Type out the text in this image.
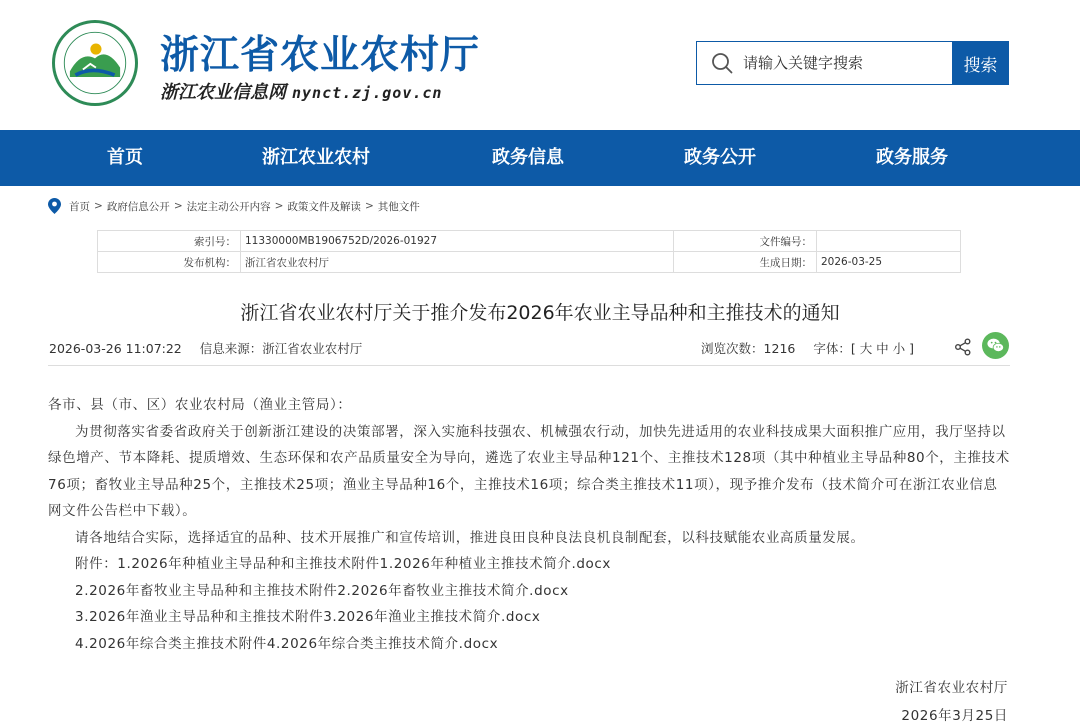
浙江省农业农村厅
浙江农业信息网 nynct.zj.gov.cn
请输入关键字搜索
搜索
首页	浙江农业农村	政务信息	政务公开	政务服务
首页 > 政府信息公开 > 法定主动公开内容 > 政策文件及解读 > 其他文件
索引号：	11330000MB1906752D/2026-01927	文件编号：	
发布机构：	浙江省农业农村厅	生成日期：	2026-03-25
浙江省农业农村厅关于推介发布2026年农业主导品种和主推技术的通知
2026-03-26 11:07:22 信息来源：浙江省农业农村厅	浏览次数：1216 字体：[ 大 中 小 ]

各市、县（市、区）农业农村局（渔业主管局）：

为贯彻落实省委省政府关于创新浙江建设的决策部署，深入实施科技强农、机械强农行动，加快先进适用的农业科技成果大面积推广应用，我厅坚持以绿色增产、节本降耗、提质增效、生态环保和农产品质量安全为导向，遴选了农业主导品种121个、主推技术128项（其中种植业主导品种80个，主推技术76项；畜牧业主导品种25个，主推技术25项；渔业主导品种16个，主推技术16项；综合类主推技术11项），现予推介发布（技术简介可在浙江农业信息网文件公告栏中下载）。

请各地结合实际，选择适宜的品种、技术开展推广和宣传培训，推进良田良种良法良机良制配套，以科技赋能农业高质量发展。

附件：1.2026年种植业主导品种和主推技术附件1.2026年种植业主推技术简介.docx

2.2026年畜牧业主导品种和主推技术附件2.2026年畜牧业主推技术简介.docx

3.2026年渔业主导品种和主推技术附件3.2026年渔业主推技术简介.docx

4.2026年综合类主推技术附件4.2026年综合类主推技术简介.docx

浙江省农业农村厅
2026年3月25日
